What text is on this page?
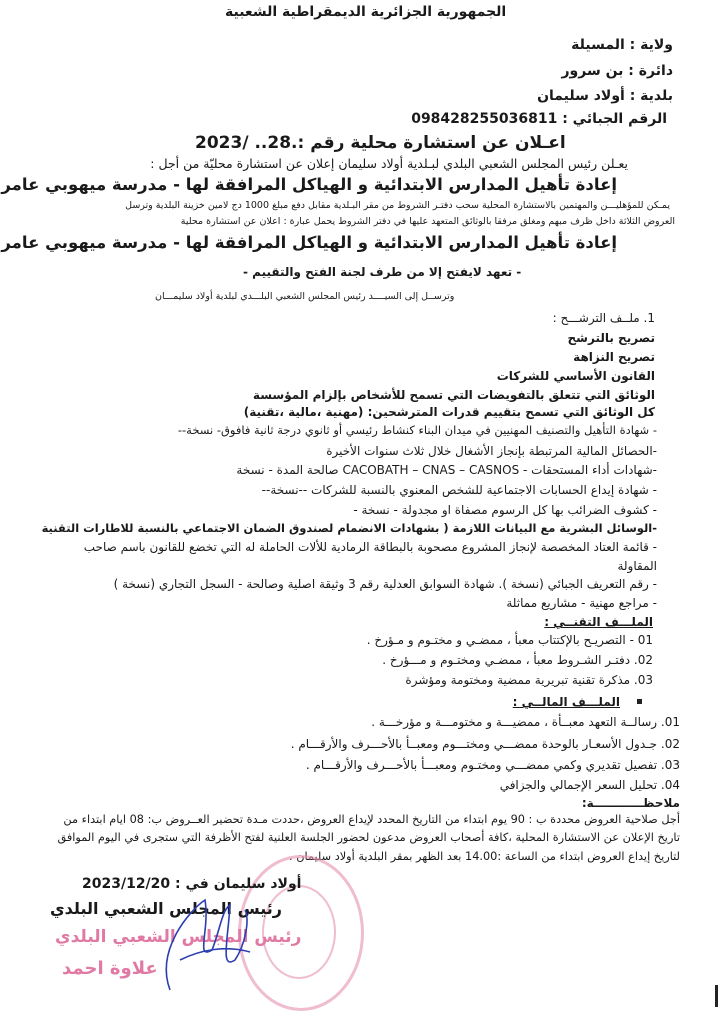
الجمهورية الجزائرية الديمقراطية الشعبية
ولاية : المسيلة
دائرة : بن سرور
بلدية : أولاد سليمان
الرقم الجبائي : 09842825503681​1
اعـلان عن استشارة محلية رقم :.28.. /2023
يعـلن رئيس المجلس الشعبي البلدي لبـلدية أولاد سليمان إعلان عن استشارة محليّة من أجل :
إعادة تأهيل المدارس الابتدائية و الهياكل المرافقة لها - مدرسة ميهوبي عامر
يمـكن للمؤهليـــن والمهتمين بالاستشارة المحلية سحب دفتـر الشروط من مقر البـلدية مقابل دفع مبلغ 1000 دج لامين خزينة البلدية وترسل
العروض الثلاثة داخل ظرف مبهم ومغلق مرفقا بالوثائق المتعهد عليها في دفتر الشروط يحمل عبارة : اعلان عن استشارة محلية
إعادة تأهيل المدارس الابتدائية و الهياكل المرافقة لها - مدرسة ميهوبي عامر
- تعهد لايفتح إلا من طرف لجنة الفتح والتقييم -
وترســل إلى السيــــد رئيس المجلس الشعبي البلـــدي لبلدية أولاد سليمـــان
1. ملــف الترشـــح :
تصريح بالترشح
تصريح النزاهة
القانون الأساسي للشركات
الوثائق التي تتعلق بالتفويضات التي تسمح للأشخاص بإلزام المؤسسة
كل الوثائق التي تسمح بتقييم قدرات المترشحين: (مهنية ،مالية ،تقنية)
- شهادة التأهيل والتصنيف المهنيين في ميدان البناء كنشاط رئيسي أو ثانوي درجة ثانية فافوق- نسخة--
-الحصائل المالية المرتبطة بإنجاز الأشغال خلال ثلاث سنوات الأخيرة
-شهادات أداء المستحقات - CACOBATH – CNAS – CASNOS صالحة المدة - نسخة
- شهادة إيداع الحسابات الاجتماعية للشخص المعنوي بالنسبة للشركات --نسخة--
- كشوف الضرائب بها كل الرسوم مصفاة او مجدولة - نسخة -
-الوسائل البشرية مع البيانات اللازمة ( بشهادات الانضمام لصندوق الضمان الاجتماعي بالنسبة للاطارات التقنية
- قائمة العتاد المخصصة لإنجاز المشروع مصحوبة بالبطاقة الرمادية للألات الحاملة له التي تخضع للقانون باسم صاحب
المقاولة
- رقم التعريف الجبائي (نسخة ). شهادة السوابق العدلية رقم 3 وثيقة اصلية وصالحة - السجل التجاري (نسخة )
- مراجع مهنية - مشاريع مماثلة
الملـــف التقنــي :
01 - التصريـح بالإكتتاب معبأ ، ممضـي و مختـوم و مـؤرخ .
02. دفتـر الشـروط معبأ ، ممضـي ومختـوم و مـــؤرخ .
03. مذكرة تقنية تبريرية ممضية ومختومة ومؤشرة
الملـــف المالــي :
01. رسالــة التعهد معبــأة ، ممضيـــة و مختومـــة و مؤرخـــة .
02. جـدول الأسعـار بالوحدة ممضـــي ومختـــوم ومعبــأ بالأحـــرف والأرقـــام .
03. تفصيل تقديري وكمي ممضـــي ومختـوم ومعبـــأ بالأحـــرف والأرقـــام .
04. تحليل السعر الإجمالي والجزافي
ملاحظــــــــــــة:
أجل صلاحية العروض محددة ب : 90 يوم ابتداء من التاريخ المحدد لإيداع العروض ،حددت مـدة تحضير العــروض ب: 08 ايام ابتداء من
تاريخ الإعلان عن الاستشارة المحلية ،كافة أصحاب العروض مدعون لحضور الجلسة العلنية لفتح الأظرفة التي ستجرى في اليوم الموافق
لتاريخ إيداع العروض ابتداء من الساعة :14.00 بعد الظهر بمقر البلدية أولاد سليمان .
أولاد سليمان في : 2023/12/20
رئيس المجلس الشعبي البلدي
رئيس المجلس الشعبي البلدي
علاوة احمد
